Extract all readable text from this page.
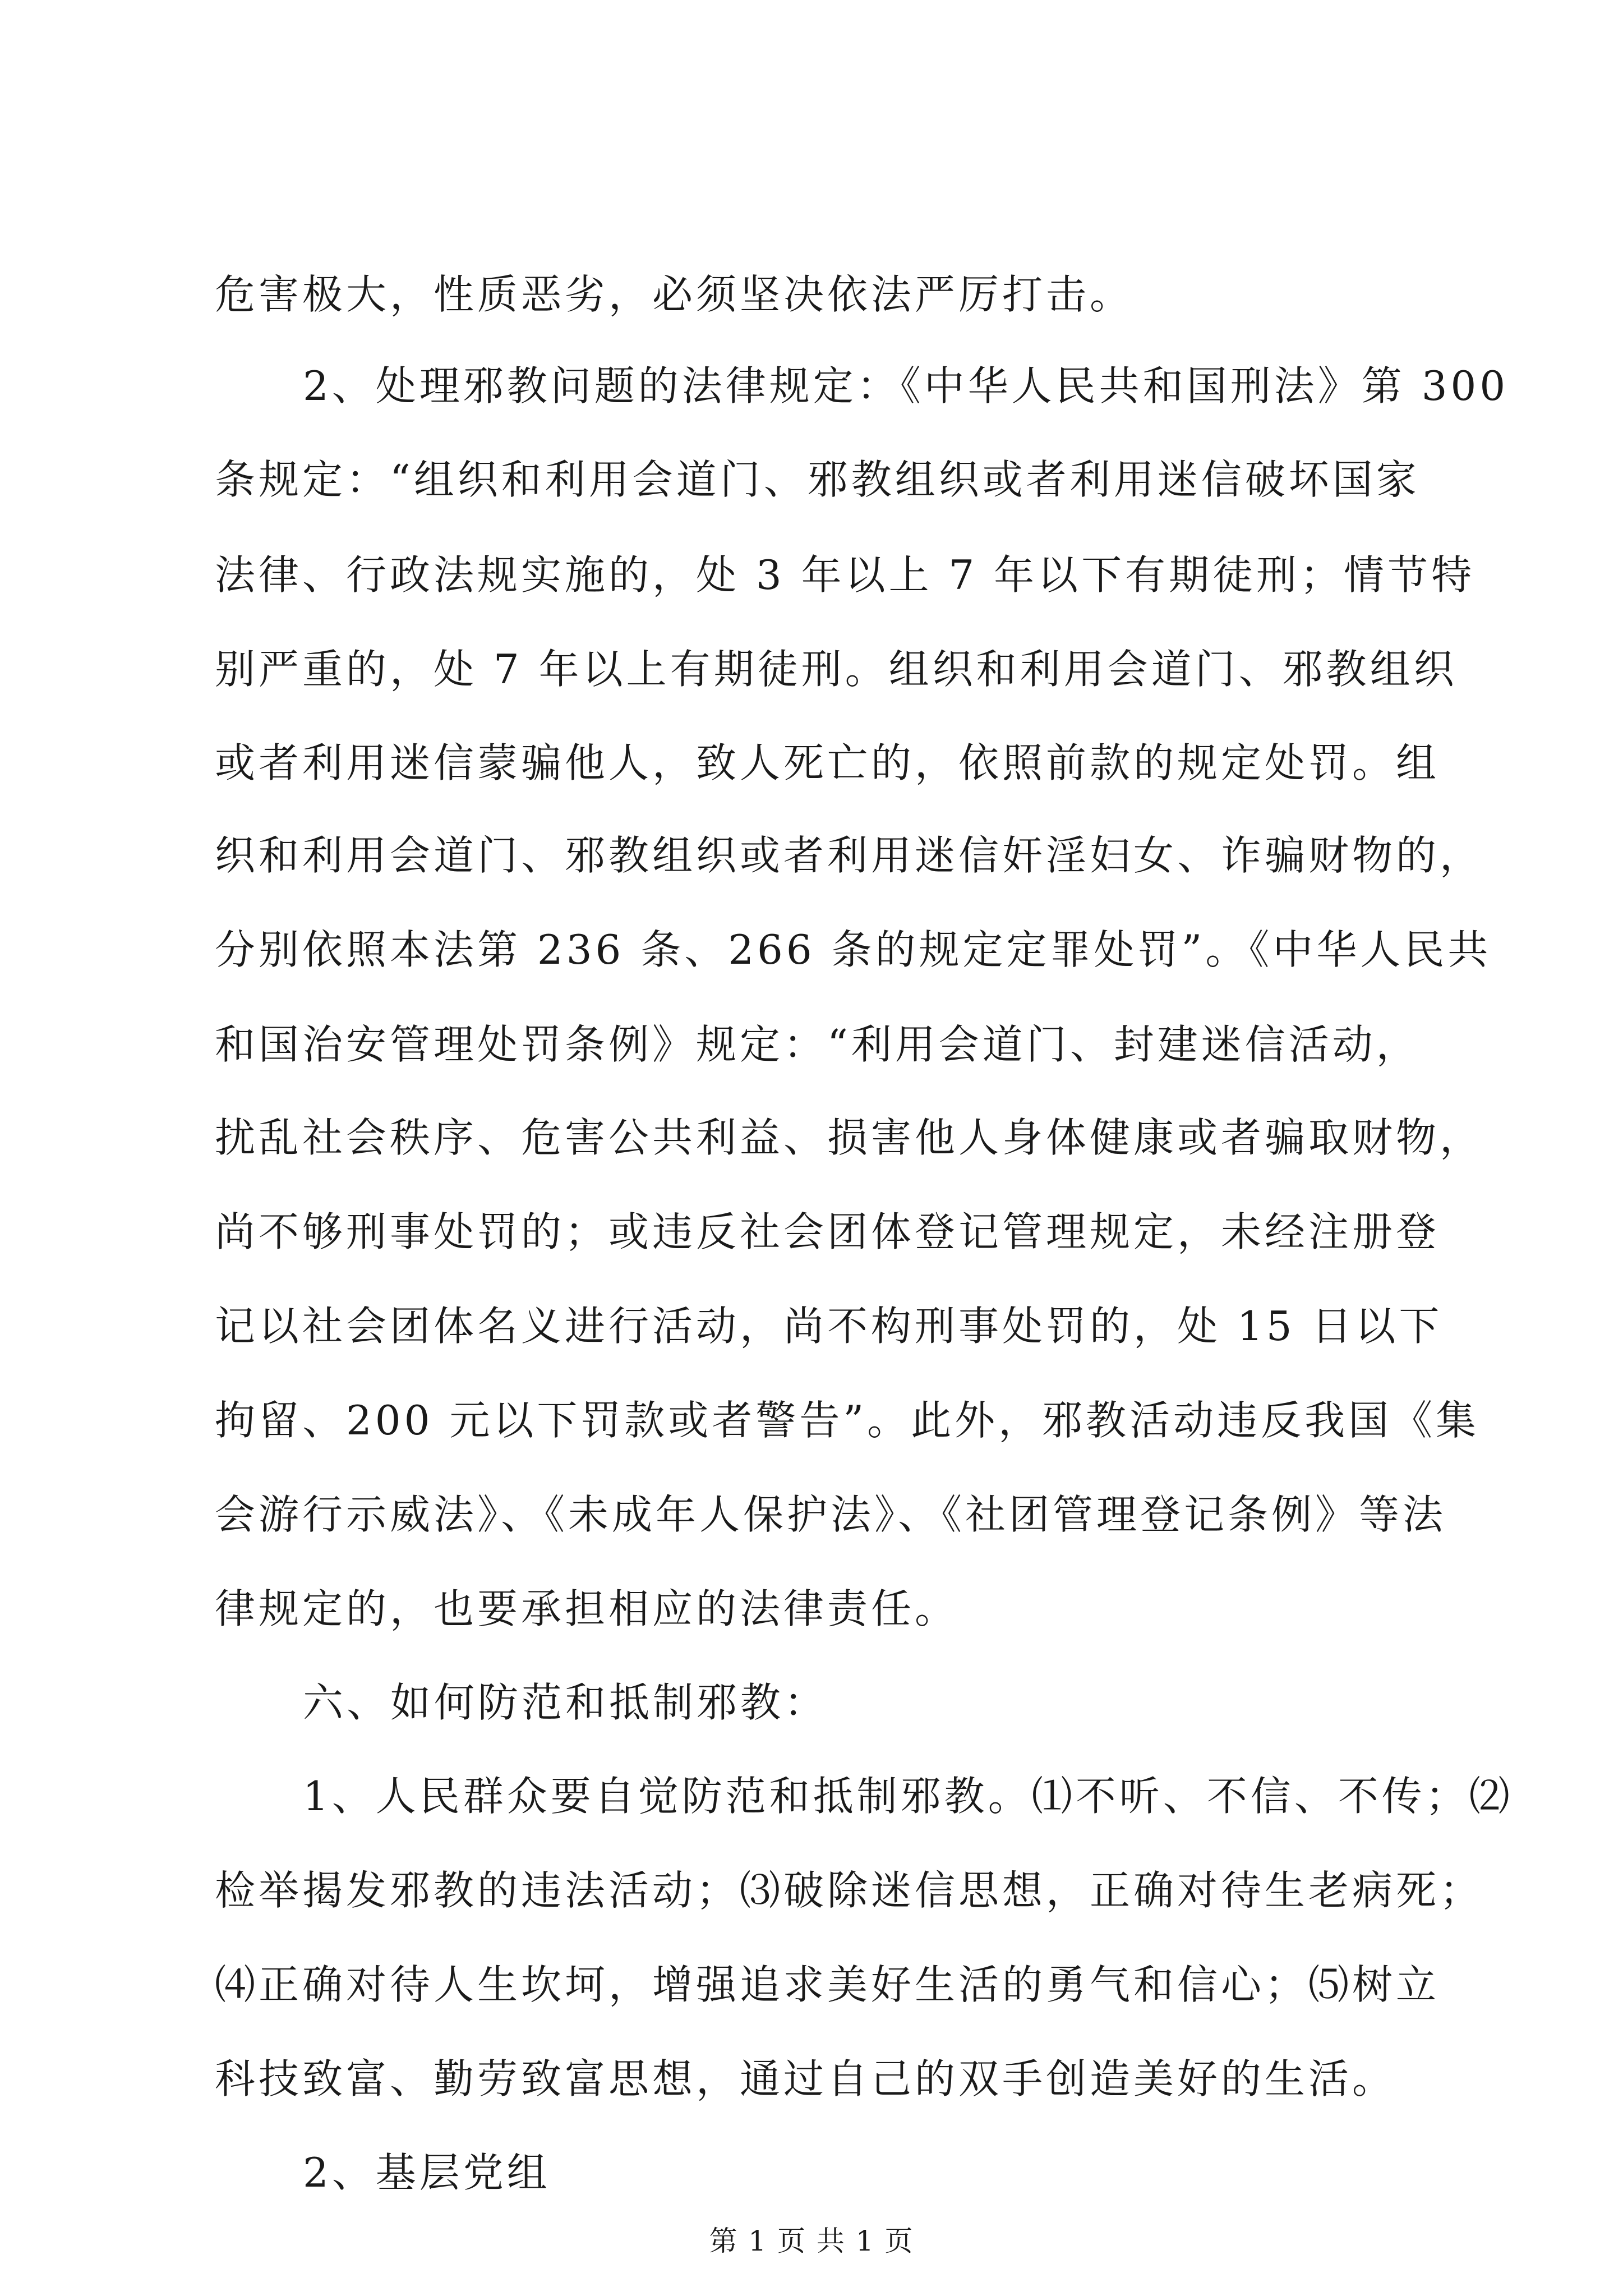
危害极大，性质恶劣，必须坚决依法严厉打击。
2、处理邪教问题的法律规定：《中华人民共和国刑法》第 300
条规定：“组织和利用会道门、邪教组织或者利用迷信破坏国家
法律、行政法规实施的，处 3 年以上 7 年以下有期徒刑；情节特
别严重的，处 7 年以上有期徒刑。组织和利用会道门、邪教组织
或者利用迷信蒙骗他人，致人死亡的，依照前款的规定处罚。组
织和利用会道门、邪教组织或者利用迷信奸淫妇女、诈骗财物的，
分别依照本法第 236 条、266 条的规定定罪处罚”。《中华人民共
和国治安管理处罚条例》规定：“利用会道门、封建迷信活动，
扰乱社会秩序、危害公共利益、损害他人身体健康或者骗取财物，
尚不够刑事处罚的；或违反社会团体登记管理规定，未经注册登
记以社会团体名义进行活动，尚不构刑事处罚的，处 15 日以下
拘留、200 元以下罚款或者警告”。此外，邪教活动违反我国《集
会游行示威法》、《未成年人保护法》、《社团管理登记条例》等法
律规定的，也要承担相应的法律责任。
六、如何防范和抵制邪教：
1、人民群众要自觉防范和抵制邪教。⑴不听、不信、不传；⑵
检举揭发邪教的违法活动；⑶破除迷信思想，正确对待生老病死；
⑷正确对待人生坎坷，增强追求美好生活的勇气和信心；⑸树立
科技致富、勤劳致富思想，通过自己的双手创造美好的生活。
2、基层党组
第 1 页 共 1 页
